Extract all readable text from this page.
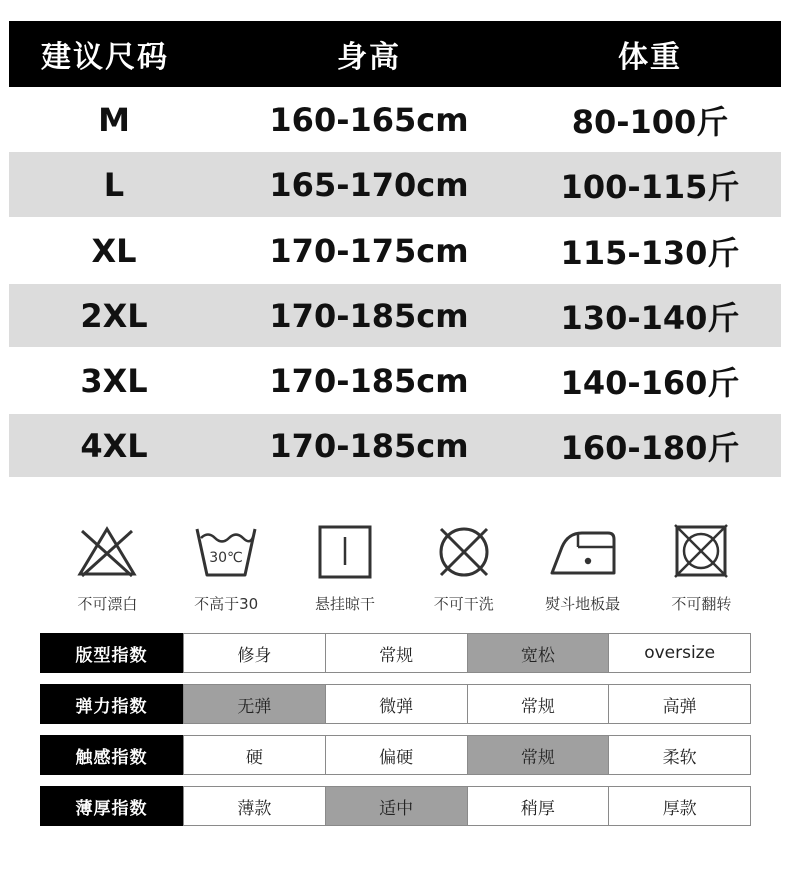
建议尺码	身高	体重
M	160-165cm	80-100斤
L	165-170cm	100-115斤
XL	170-175cm	115-130斤
2XL	170-185cm	130-140斤
3XL	170-185cm	140-160斤
4XL	170-185cm	160-180斤
不可漂白
30℃
不高于30	悬挂晾干	不可干洗	熨斗地板最	不可翻转
版型指数	修身	常规	宽松	oversize
弹力指数	无弹	微弹	常规	高弹
触感指数	硬	偏硬	常规	柔软
薄厚指数	薄款	适中	稍厚	厚款
